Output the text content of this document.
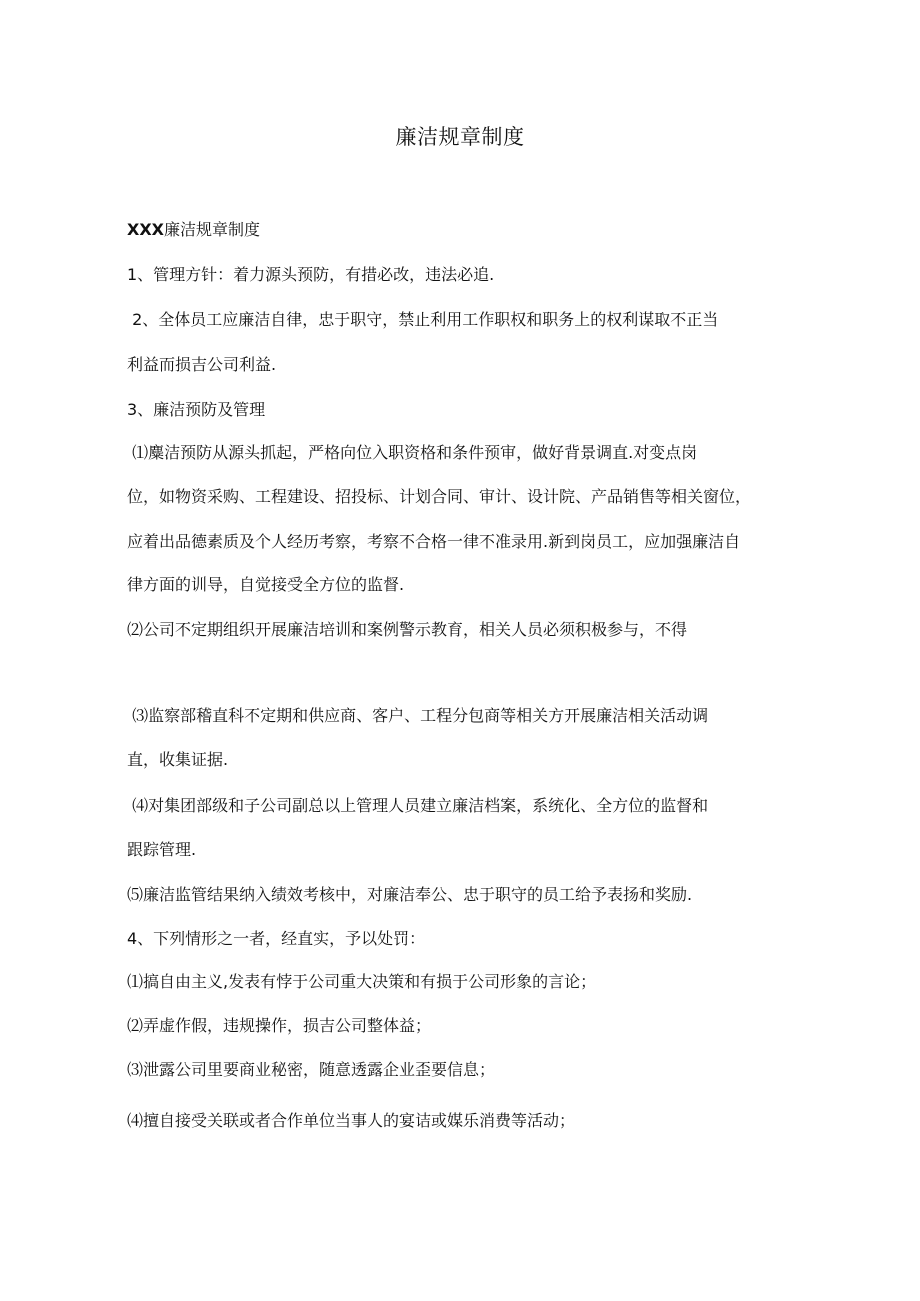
廉洁规章制度
XXX廉洁规章制度
1、管理方针：着力源头预防，有措必改，违法必追.
2、全体员工应廉洁自律，忠于职守，禁止利用工作职权和职务上的权利谋取不正当
利益而损吉公司利益.
3、廉洁预防及管理
⑴麋洁预防从源头抓起，严格向位入职资格和条件预审，做好背景调直.对变点岗
位，如物资采购、工程建设、招投标、计划合同、审计、设计院、产品销售等相关窗位，
应着出品德素质及个人经历考察，考察不合格一律不准录用.新到岗员工，应加强廉洁自
律方面的训导，自觉接受全方位的监督.
⑵公司不定期组织开展廉洁培训和案例警示教育，相关人员必须积极参与，不得
⑶监察部稽直科不定期和供应商、客户、工程分包商等相关方开展廉洁相关活动调
直，收集证据.
⑷对集团部级和子公司副总以上管理人员建立廉洁档案，系统化、全方位的监督和
跟踪管理.
⑸廉洁监管结果纳入绩效考核中，对廉洁奉公、忠于职守的员工给予表扬和奖励.
4、下列情形之一者，经直实，予以处罚：
⑴搞自由主义,发表有悖于公司重大决策和有损于公司形象的言论；
⑵弄虚作假，违规操作，损吉公司整体益；
⑶泄露公司里要商业秘密，随意透露企业歪要信息；
⑷擅自接受关联或者合作单位当事人的宴诘或媒乐消费等活动；
